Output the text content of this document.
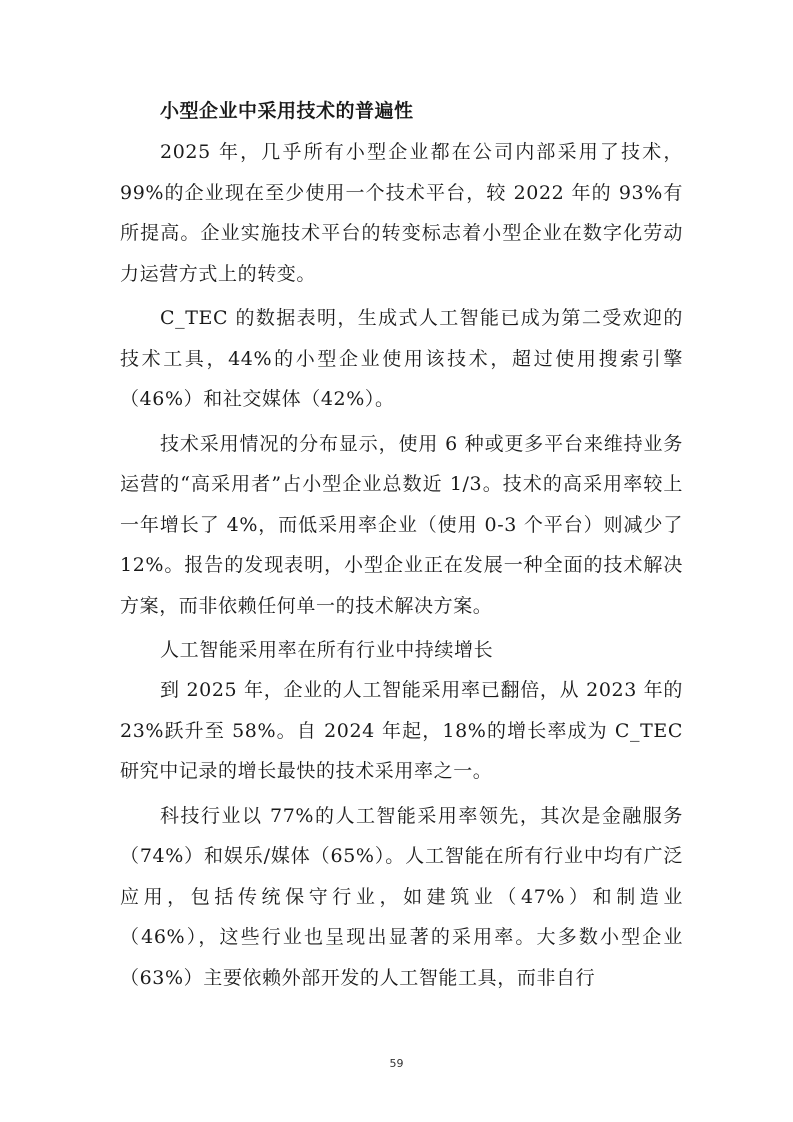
小型企业中采用技术的普遍性

2025 年，几乎所有小型企业都在公司内部采用了技术，99%的企业现在至少使用一个技术平台，较 2022 年的 93%有所提高。企业实施技术平台的转变标志着小型企业在数字化劳动力运营方式上的转变。

C_TEC 的数据表明，生成式人工智能已成为第二受欢迎的技术工具，44%的小型企业使用该技术，超过使用搜索引擎（46%）和社交媒体（42%）。

技术采用情况的分布显示，使用 6 种或更多平台来维持业务运营的“高采用者”占小型企业总数近 1/3。技术的高采用率较上一年增长了 4%，而低采用率企业（使用 0-3 个平台）则减少了 12%。报告的发现表明，小型企业正在发展一种全面的技术解决方案，而非依赖任何单一的技术解决方案。

人工智能采用率在所有行业中持续增长

到 2025 年，企业的人工智能采用率已翻倍，从 2023 年的 23%跃升至 58%。自 2024 年起，18%的增长率成为 C_TEC 研究中记录的增长最快的技术采用率之一。

科技行业以 77%的人工智能采用率领先，其次是金融服务（74%）和娱乐/媒体（65%）。人工智能在所有行业中均有广泛应用，包括传统保守行业，如建筑业（47%）和制造业（46%），这些行业也呈现出显著的采用率。大多数小型企业（63%）主要依赖外部开发的人工智能工具，而非自行

59
